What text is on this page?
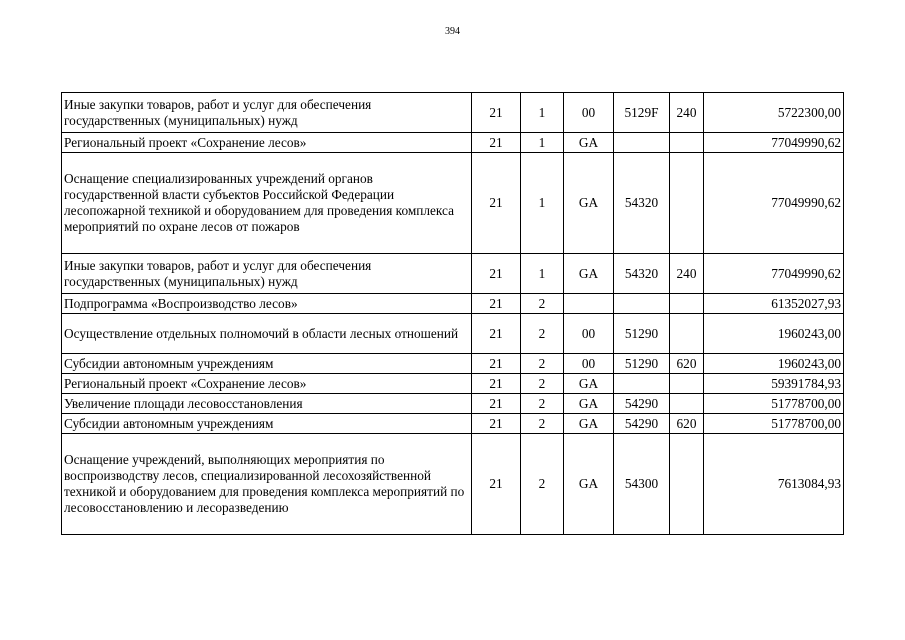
394
Иные закупки товаров, работ и услуг для обеспечения государственных (муниципальных) нужд	21	1	00	5129F	240	5722300,00
Региональный проект «Сохранение лесов»	21	1	GA			77049990,62
Оснащение специализированных учреждений органов государственной власти субъектов Российской Федерации лесопожарной техникой и оборудованием для проведения комплекса мероприятий по охране лесов от пожаров	21	1	GA	54320		77049990,62
Иные закупки товаров, работ и услуг для обеспечения государственных (муниципальных) нужд	21	1	GA	54320	240	77049990,62
Подпрограмма «Воспроизводство лесов»	21	2				61352027,93
Осуществление отдельных полномочий в области лесных отношений	21	2	00	51290		1960243,00
Субсидии автономным учреждениям	21	2	00	51290	620	1960243,00
Региональный проект «Сохранение лесов»	21	2	GA			59391784,93
Увеличение площади лесовосстановления	21	2	GA	54290		51778700,00
Субсидии автономным учреждениям	21	2	GA	54290	620	51778700,00
Оснащение учреждений, выполняющих мероприятия по воспроизводству лесов, специализированной лесохозяйственной техникой и оборудованием для проведения комплекса мероприятий по лесовосстановлению и лесоразведению	21	2	GA	54300		7613084,93
